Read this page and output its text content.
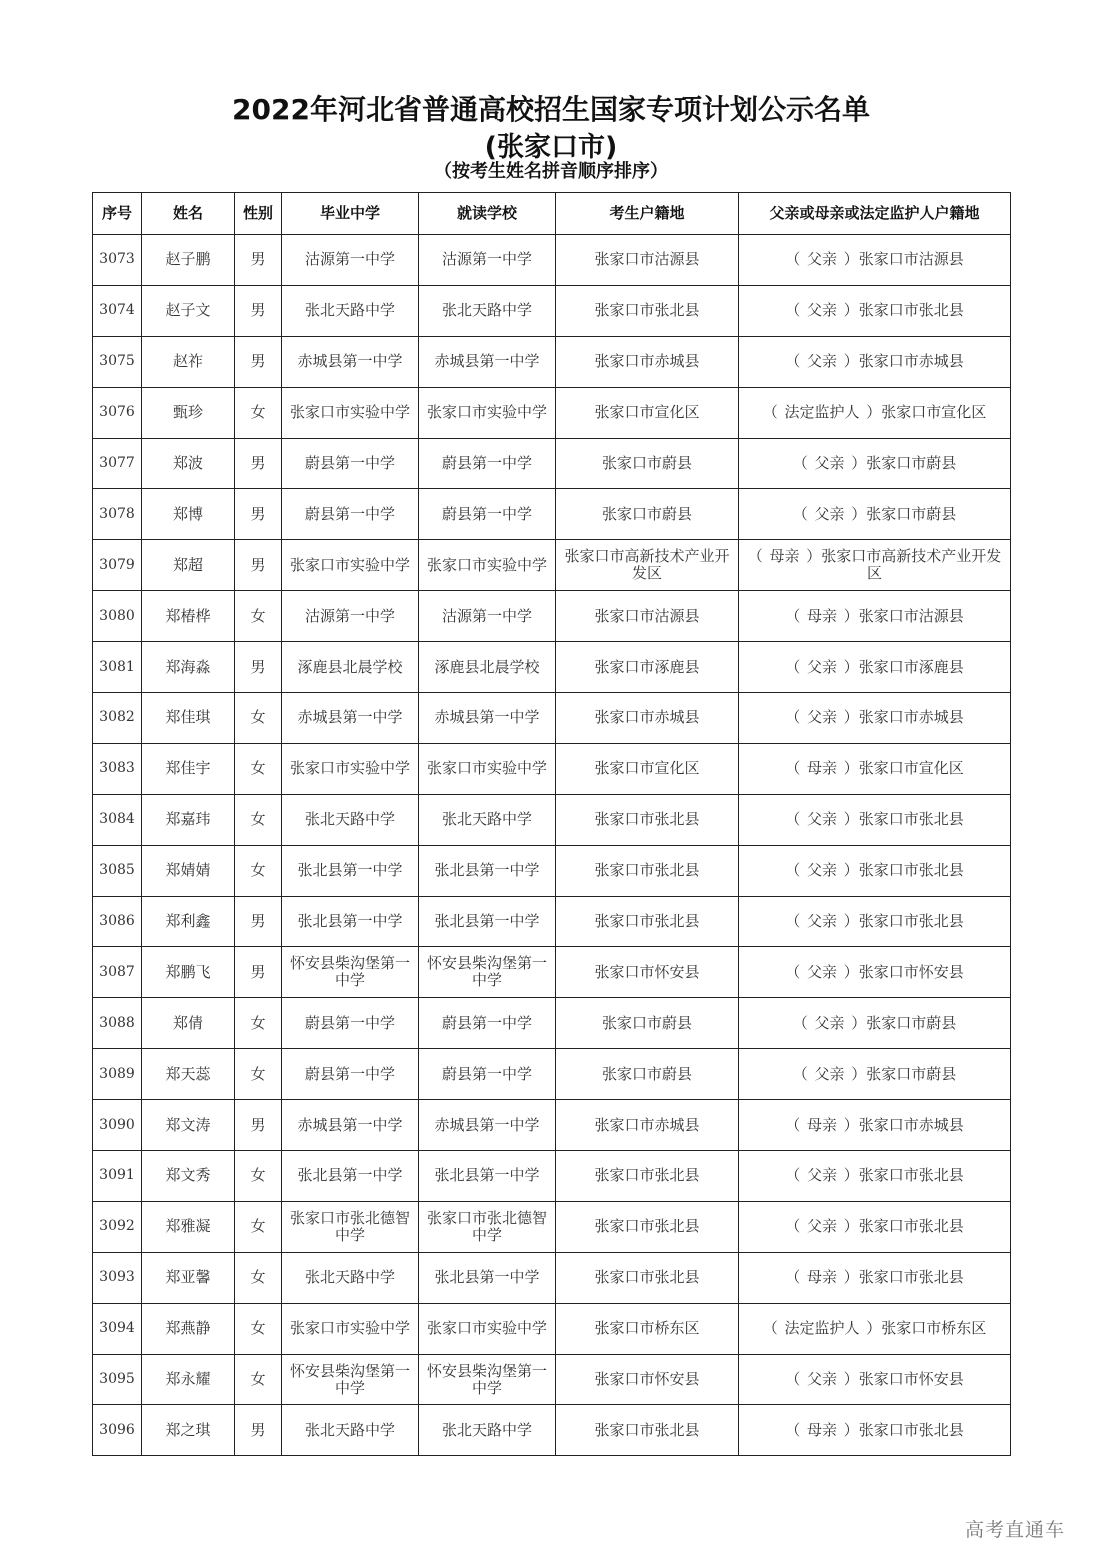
2022年河北省普通高校招生国家专项计划公示名单
(张家口市)
（按考生姓名拼音顺序排序）
序号	姓名	性别	毕业中学	就读学校	考生户籍地	父亲或母亲或法定监护人户籍地
3073	赵子鹏	男	沽源第一中学	沽源第一中学	张家口市沽源县	（ 父亲 ）张家口市沽源县
3074	赵子文	男	张北天路中学	张北天路中学	张家口市张北县	（ 父亲 ）张家口市张北县
3075	赵祚	男	赤城县第一中学	赤城县第一中学	张家口市赤城县	（ 父亲 ）张家口市赤城县
3076	甄珍	女	张家口市实验中学	张家口市实验中学	张家口市宣化区	（ 法定监护人 ）张家口市宣化区
3077	郑波	男	蔚县第一中学	蔚县第一中学	张家口市蔚县	（ 父亲 ）张家口市蔚县
3078	郑博	男	蔚县第一中学	蔚县第一中学	张家口市蔚县	（ 父亲 ）张家口市蔚县
3079	郑超	男	张家口市实验中学	张家口市实验中学	张家口市高新技术产业开发区	（ 母亲 ）张家口市高新技术产业开发区
3080	郑椿桦	女	沽源第一中学	沽源第一中学	张家口市沽源县	（ 母亲 ）张家口市沽源县
3081	郑海淼	男	涿鹿县北晨学校	涿鹿县北晨学校	张家口市涿鹿县	（ 父亲 ）张家口市涿鹿县
3082	郑佳琪	女	赤城县第一中学	赤城县第一中学	张家口市赤城县	（ 父亲 ）张家口市赤城县
3083	郑佳宇	女	张家口市实验中学	张家口市实验中学	张家口市宣化区	（ 母亲 ）张家口市宣化区
3084	郑嘉玮	女	张北天路中学	张北天路中学	张家口市张北县	（ 父亲 ）张家口市张北县
3085	郑婧婧	女	张北县第一中学	张北县第一中学	张家口市张北县	（ 父亲 ）张家口市张北县
3086	郑利鑫	男	张北县第一中学	张北县第一中学	张家口市张北县	（ 父亲 ）张家口市张北县
3087	郑鹏飞	男	怀安县柴沟堡第一中学	怀安县柴沟堡第一中学	张家口市怀安县	（ 父亲 ）张家口市怀安县
3088	郑倩	女	蔚县第一中学	蔚县第一中学	张家口市蔚县	（ 父亲 ）张家口市蔚县
3089	郑天蕊	女	蔚县第一中学	蔚县第一中学	张家口市蔚县	（ 父亲 ）张家口市蔚县
3090	郑文涛	男	赤城县第一中学	赤城县第一中学	张家口市赤城县	（ 母亲 ）张家口市赤城县
3091	郑文秀	女	张北县第一中学	张北县第一中学	张家口市张北县	（ 父亲 ）张家口市张北县
3092	郑雅凝	女	张家口市张北德智中学	张家口市张北德智中学	张家口市张北县	（ 父亲 ）张家口市张北县
3093	郑亚馨	女	张北天路中学	张北县第一中学	张家口市张北县	（ 母亲 ）张家口市张北县
3094	郑燕静	女	张家口市实验中学	张家口市实验中学	张家口市桥东区	（ 法定监护人 ）张家口市桥东区
3095	郑永耀	女	怀安县柴沟堡第一中学	怀安县柴沟堡第一中学	张家口市怀安县	（ 父亲 ）张家口市怀安县
3096	郑之琪	男	张北天路中学	张北天路中学	张家口市张北县	（ 母亲 ）张家口市张北县
高考直通车
